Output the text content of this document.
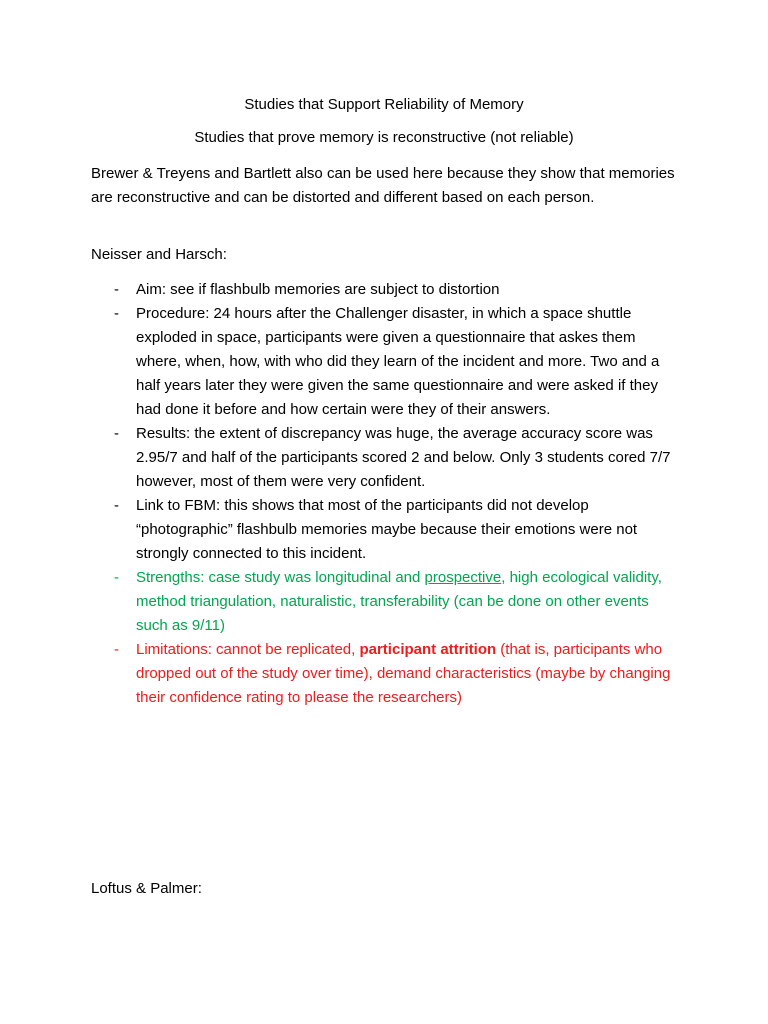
Studies that Support Reliability of Memory
Studies that prove memory is reconstructive (not reliable)
Brewer & Treyens and Bartlett also can be used here because they show that memories are reconstructive and can be distorted and different based on each person.
Neisser and Harsch:
- Aim: see if flashbulb memories are subject to distortion
- Procedure: 24 hours after the Challenger disaster, in which a space shuttle exploded in space, participants were given a questionnaire that askes them where, when, how, with who did they learn of the incident and more. Two and a half years later they were given the same questionnaire and were asked if they had done it before and how certain were they of their answers.
- Results: the extent of discrepancy was huge, the average accuracy score was 2.95/7 and half of the participants scored 2 and below. Only 3 students cored 7/7 however, most of them were very confident.
- Link to FBM: this shows that most of the participants did not develop “photographic” flashbulb memories maybe because their emotions were not strongly connected to this incident.
- Strengths: case study was longitudinal and prospective, high ecological validity, method triangulation, naturalistic, transferability (can be done on other events such as 9/11)
- Limitations: cannot be replicated, participant attrition (that is, participants who dropped out of the study over time), demand characteristics (maybe by changing their confidence rating to please the researchers)
Loftus & Palmer:
